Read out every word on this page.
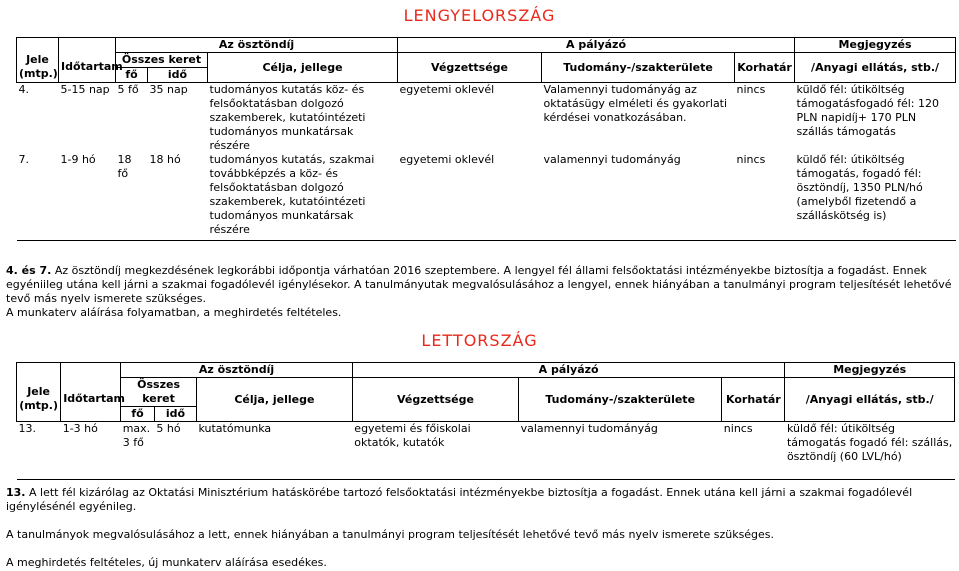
LENGYELORSZÁG
		Az ösztöndíj			A pályázó			Megjegyzés
Jele (mtp.)	Időtartam	Összes keret		Célja, jellege	Végzettsége	Tudomány-/szakterülete	Korhatár	/Anyagi ellátás, stb./
		fő	idő					
4.	5-15 nap	5 fő	35 nap	tudományos kutatás köz- és felsőoktatásban dolgozó szakemberek, kutatóintézeti tudományos munkatársak részére	egyetemi oklevél	Valamennyi tudományág az oktatásügy elméleti és gyakorlati kérdései vonatkozásában.	nincs	küldő fél: útiköltség támogatásfogadó fél: 120 PLN napidíj+ 170 PLN szállás támogatás
7.	1-9 hó	18 fő	18 hó	tudományos kutatás, szakmai továbbképzés a köz- és felsőoktatásban dolgozó szakemberek, kutatóintézeti tudományos munkatársak részére	egyetemi oklevél	valamennyi tudományág	nincs	küldő fél: útiköltség támogatás, fogadó fél: ösztöndíj, 1350 PLN/hó (amelyből fizetendő a szálláskötség is)
4. és 7. Az ösztöndíj megkezdésének legkorábbi időpontja várhatóan 2016 szeptembere. A lengyel fél állami felsőoktatási intézményekbe biztosítja a fogadást. Ennek egyéniileg utána kell járni a szakmai fogadólevél igénylésekor. A tanulmányutak megvalósulásához a lengyel, ennek hiányában a tanulmányi program teljesítését lehetővé tevő más nyelv ismerete szükséges.
A munkaterv aláírása folyamatban, a meghirdetés feltételes.
LETTORSZÁG
		Az ösztöndíj			A pályázó			Megjegyzés
Jele (mtp.)	Időtartam	Összes keret		Célja, jellege	Végzettsége	Tudomány-/szakterülete	Korhatár	/Anyagi ellátás, stb./
		fő	idő					
13.	1-3 hó	max. 3 fő	5 hó	kutatómunka	egyetemi és főiskolai oktatók, kutatók	valamennyi tudományág	nincs	küldő fél: útiköltség támogatás fogadó fél: szállás, ösztöndíj (60 LVL/hó)
13. A lett fél kizárólag az Oktatási Minisztérium hatáskörébe tartozó felsőoktatási intézményekbe biztosítja a fogadást. Ennek utána kell járni a szakmai fogadólevél igénylésénél egyénileg.
A tanulmányok megvalósulásához a lett, ennek hiányában a tanulmányi program teljesítését lehetővé tevő más nyelv ismerete szükséges.
A meghirdetés feltételes, új munkaterv aláírása esedékes.
